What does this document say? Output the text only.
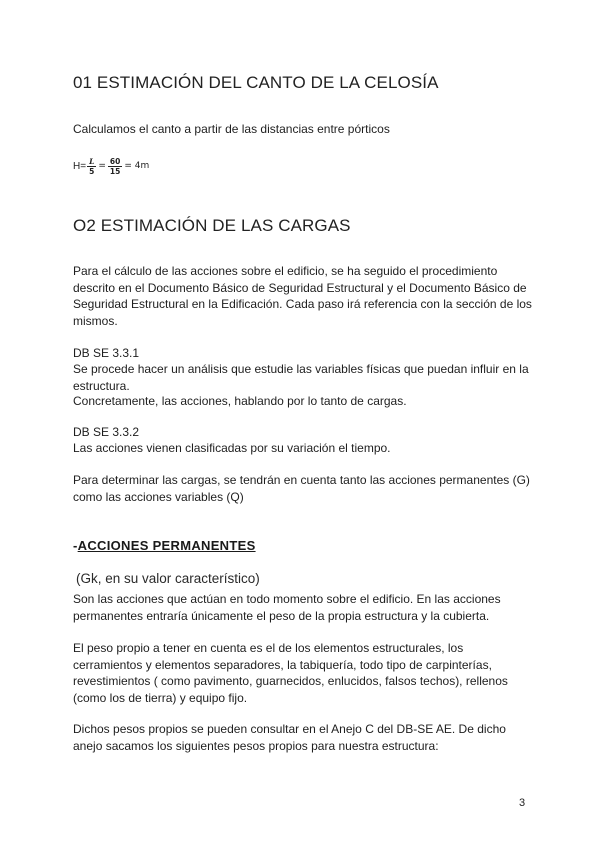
01 ESTIMACIÓN DEL CANTO DE LA CELOSÍA

Calculamos el canto a partir de las distancias entre pórticos

$H= \frac{L}{5} = \frac{60}{15} = 4m$
O2 ESTIMACIÓN DE LAS CARGAS

Para el cálculo de las acciones sobre el edificio, se ha seguido el procedimiento descrito en el Documento Básico de Seguridad Estructural y el Documento Básico de Seguridad Estructural en la Edificación. Cada paso irá referencia con la sección de los mismos.

DB SE 3.3.1

Se procede hacer un análisis que estudie las variables físicas que puedan influir en la estructura.

Concretamente, las acciones, hablando por lo tanto de cargas.

DB SE 3.3.2

Las acciones vienen clasificadas por su variación el tiempo.

Para determinar las cargas, se tendrán en cuenta tanto las acciones permanentes (G) como las acciones variables (Q)

-ACCIONES PERMANENTES

(Gk, en su valor característico)

Son las acciones que actúan en todo momento sobre el edificio. En las acciones permanentes entraría únicamente el peso de la propia estructura y la cubierta.

El peso propio a tener en cuenta es el de los elementos estructurales, los cerramientos y elementos separadores, la tabiquería, todo tipo de carpinterías, revestimientos ( como pavimento, guarnecidos, enlucidos, falsos techos), rellenos (como los de tierra) y equipo fijo.

Dichos pesos propios se pueden consultar en el Anejo C del DB-SE AE. De dicho anejo sacamos los siguientes pesos propios para nuestra estructura:

3
